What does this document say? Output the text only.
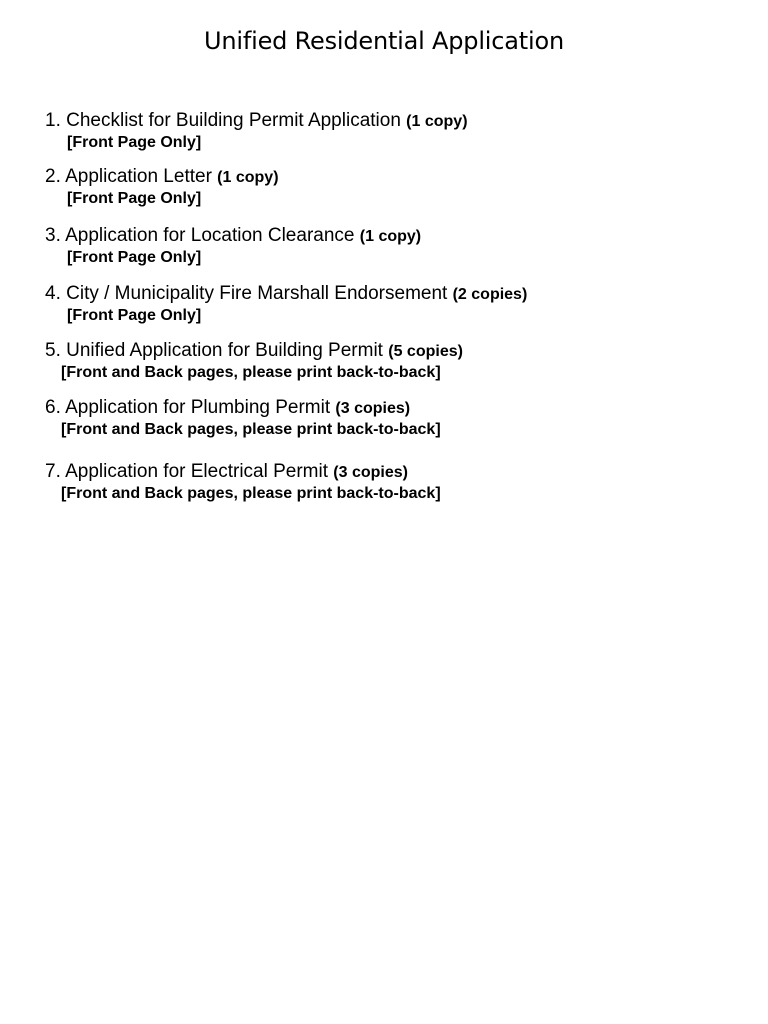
Unified Residential Application
1. Checklist for Building Permit Application (1 copy)
[Front Page Only]
2. Application Letter (1 copy)
[Front Page Only]
3. Application for Location Clearance (1 copy)
[Front Page Only]
4. City / Municipality Fire Marshall Endorsement (2 copies)
[Front Page Only]
5. Unified Application for Building Permit (5 copies)
[Front and Back pages, please print back-to-back]
6. Application for Plumbing Permit (3 copies)
[Front and Back pages, please print back-to-back]
7. Application for Electrical Permit (3 copies)
[Front and Back pages, please print back-to-back]
